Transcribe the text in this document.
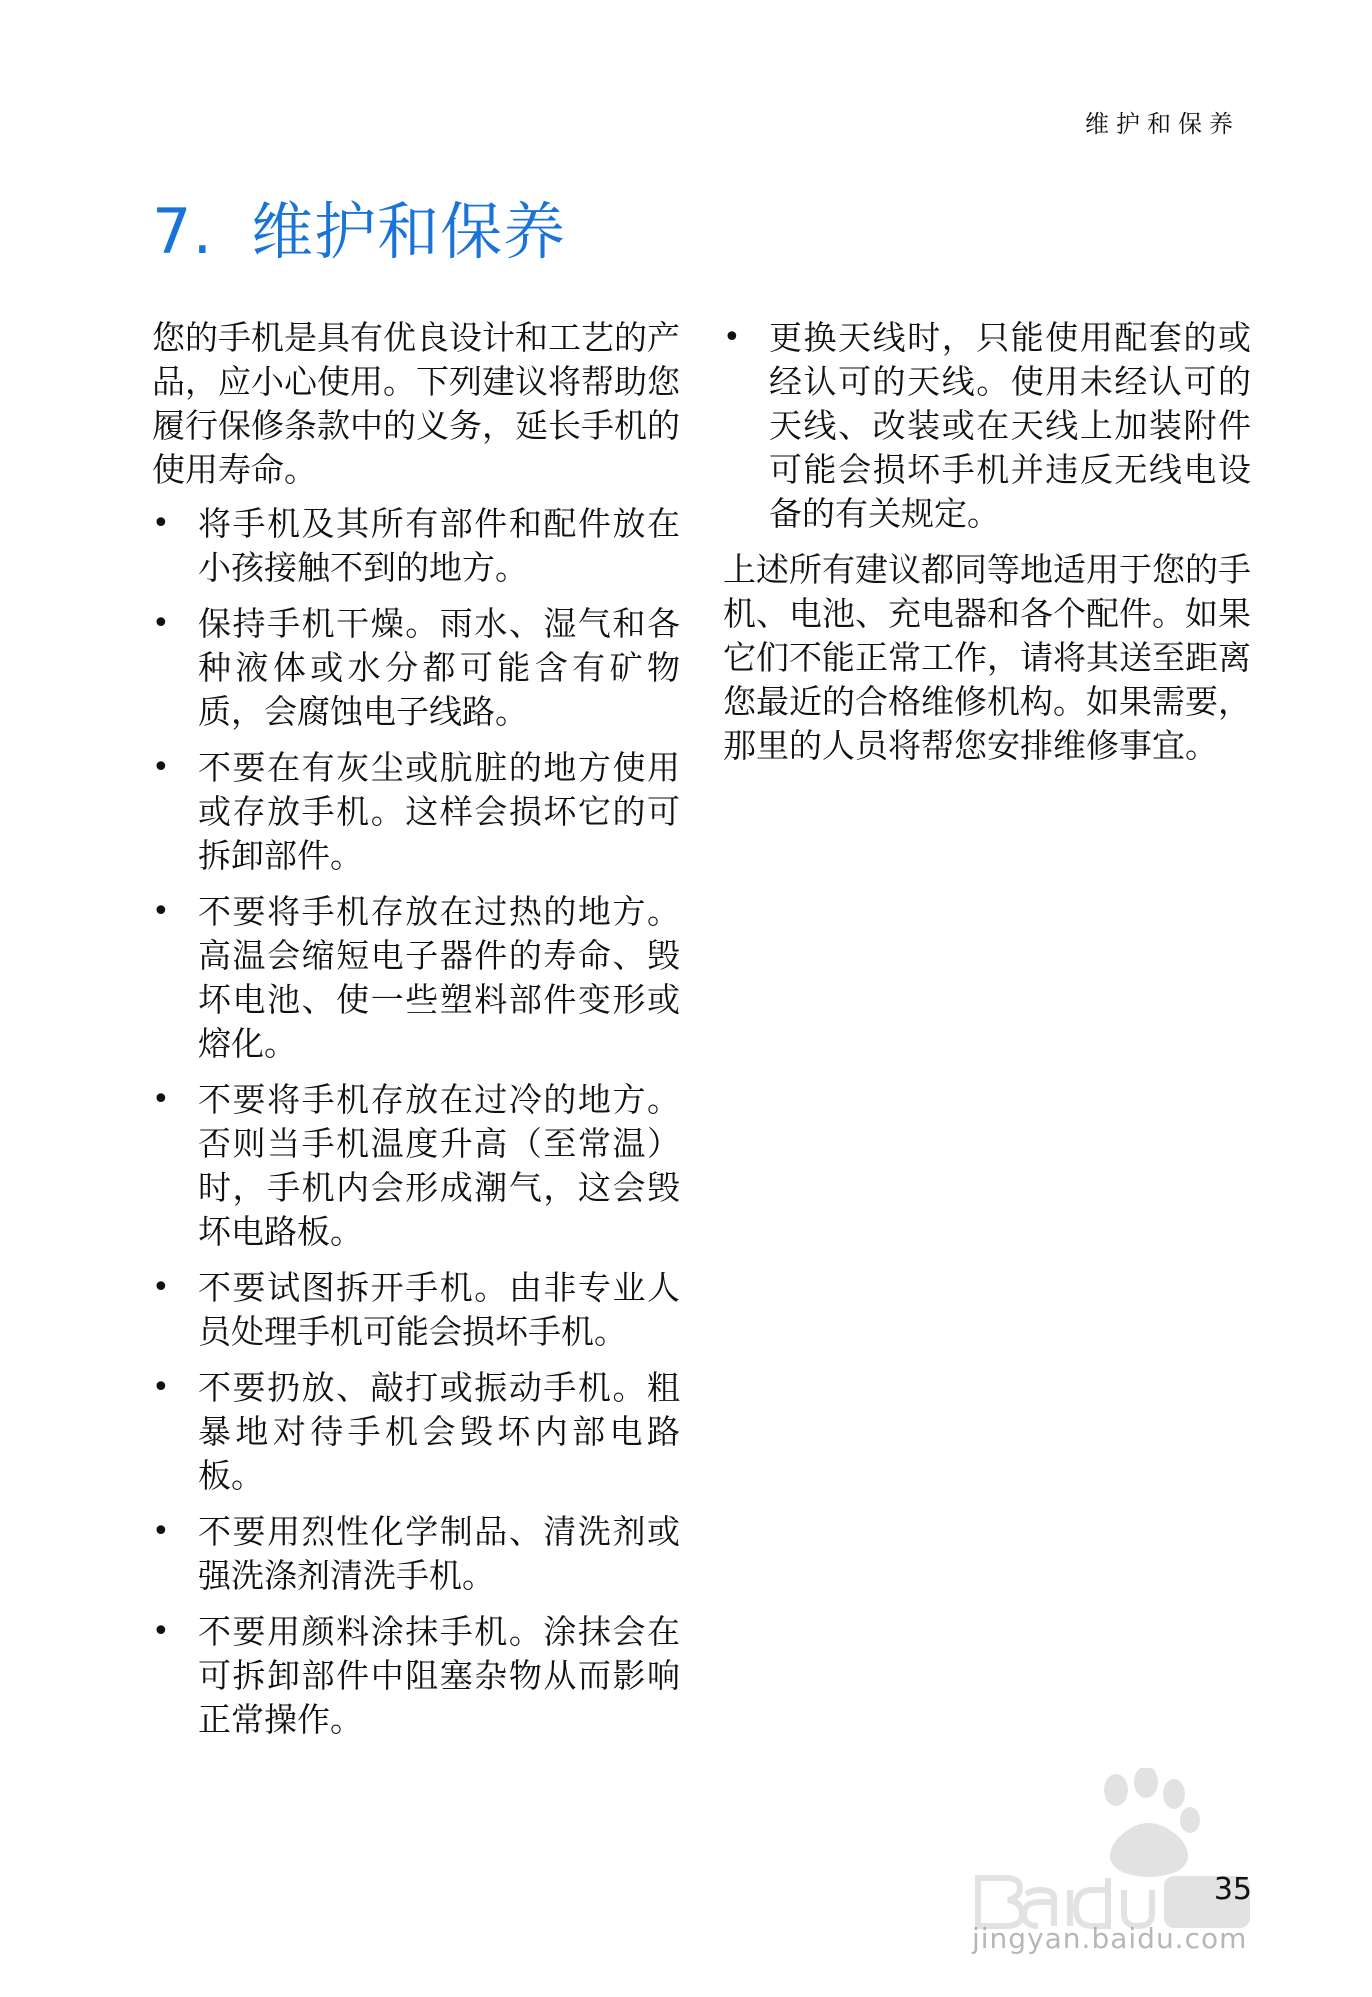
维护和保养
7. 维护和保养

您的手机是具有优良设计和工艺的产品，应小心使用。下列建议将帮助您履行保修条款中的义务，延长手机的使用寿命。

• 将手机及其所有部件和配件放在小孩接触不到的地方。
• 保持手机干燥。雨水、湿气和各种液体或水分都可能含有矿物质，会腐蚀电子线路。
• 不要在有灰尘或肮脏的地方使用或存放手机。这样会损坏它的可拆卸部件。
• 不要将手机存放在过热的地方。高温会缩短电子器件的寿命、毁坏电池、使一些塑料部件变形或熔化。
• 不要将手机存放在过冷的地方。否则当手机温度升高（至常温）时，手机内会形成潮气，这会毁坏电路板。
• 不要试图拆开手机。由非专业人员处理手机可能会损坏手机。
• 不要扔放、敲打或振动手机。粗暴地对待手机会毁坏内部电路板。
• 不要用烈性化学制品、清洗剂或强洗涤剂清洗手机。
• 不要用颜料涂抹手机。涂抹会在可拆卸部件中阻塞杂物从而影响正常操作。
• 更换天线时，只能使用配套的或经认可的天线。使用未经认可的天线、改装或在天线上加装附件可能会损坏手机并违反无线电设备的有关规定。

上述所有建议都同等地适用于您的手机、电池、充电器和各个配件。如果它们不能正常工作，请将其送至距离您最近的合格维修机构。如果需要，那里的人员将帮您安排维修事宜。

jingyan.baidu.com
35
